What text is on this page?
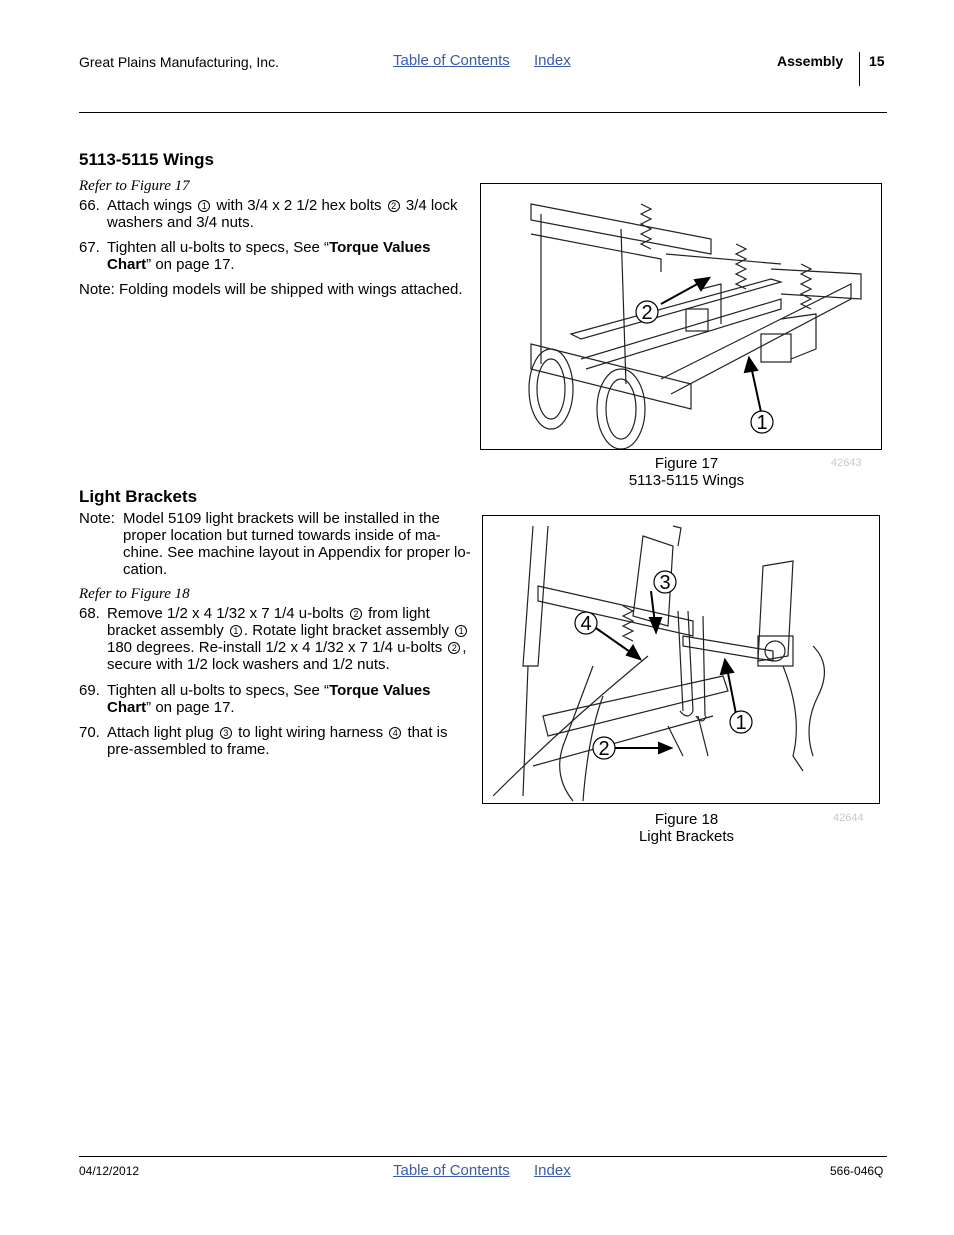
Great Plains Manufacturing, Inc.	Table of Contents Index	Assembly 15
5113-5115 Wings
Refer to Figure 17
66. Attach wings 1 with 3/4 x 2 1/2 hex bolts 2 3/4 lock washers and 3/4 nuts.
67. Tighten all u-bolts to specs, See “Torque Values Chart” on page 17.
Note: Folding models will be shipped with wings attached.
2
1
Figure 17
5113-5115 Wings
42643
Light Brackets
Note: Model 5109 light brackets will be installed in the
proper location but turned towards inside of ma-
chine. See machine layout in Appendix for proper lo-
cation.
Refer to Figure 18
68. Remove 1/2 x 4 1/32 x 7 1/4 u-bolts 2 from light
bracket assembly 1 . Rotate light bracket assembly 1
180 degrees. Re-install 1/2 x 4 1/32 x 7 1/4 u-bolts 2 ,
secure with 1/2 lock washers and 1/2 nuts.
69. Tighten all u-bolts to specs, See “Torque Values
Chart” on page 17.
70. Attach light plug 3 to light wiring harness 4 that is
pre-assembled to frame.
3
4
1
2
Figure 18
Light Brackets
42644
04/12/2012	Table of Contents Index	566-046Q
